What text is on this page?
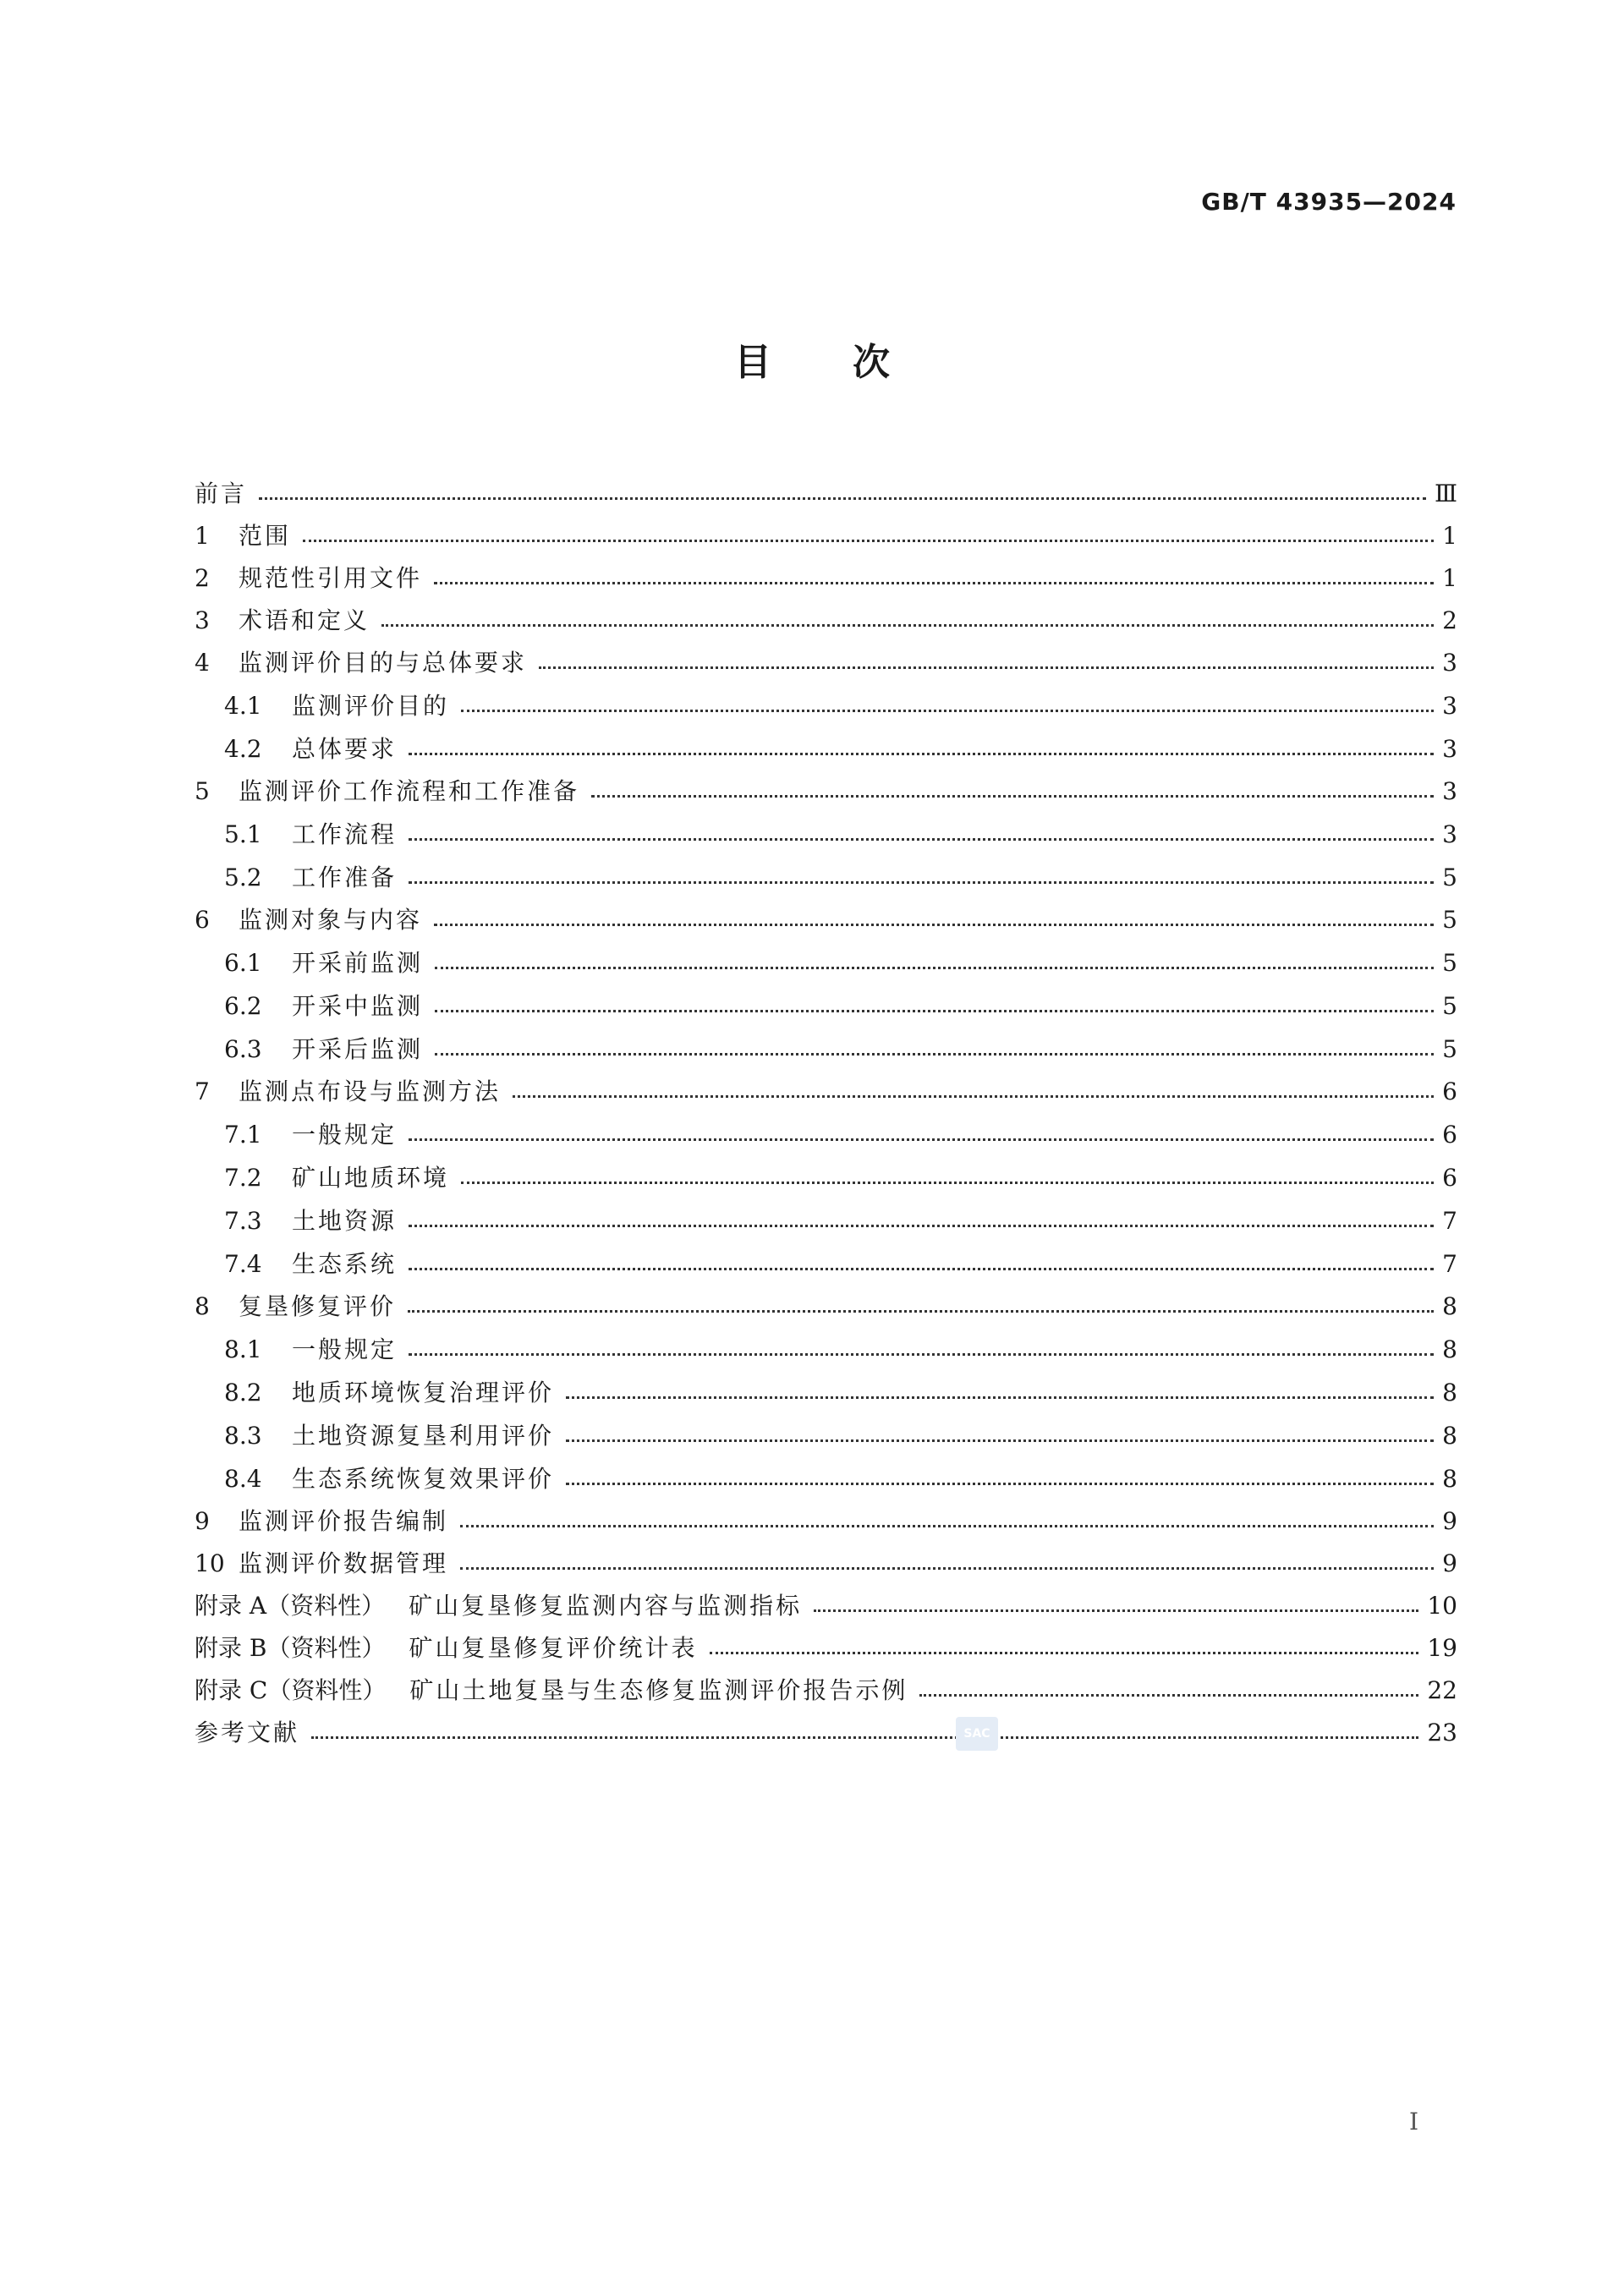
GB/T 43935—2024

目 次
前言	Ⅲ
1	范围	1
2	规范性引用文件	1
3	术语和定义	2
4	监测评价目的与总体要求	3
4.1	监测评价目的	3
4.2	总体要求	3
5	监测评价工作流程和工作准备	3
5.1	工作流程	3
5.2	工作准备	5
6	监测对象与内容	5
6.1	开采前监测	5
6.2	开采中监测	5
6.3	开采后监测	5
7	监测点布设与监测方法	6
7.1	一般规定	6
7.2	矿山地质环境	6
7.3	土地资源	7
7.4	生态系统	7
8	复垦修复评价	8
8.1	一般规定	8
8.2	地质环境恢复治理评价	8
8.3	土地资源复垦利用评价	8
8.4	生态系统恢复效果评价	8
9	监测评价报告编制	9
10 监测评价数据管理	9
附录 A（资料性） 矿山复垦修复监测内容与监测指标	10
附录 B（资料性） 矿山复垦修复评价统计表	19
附录 C（资料性） 矿山土地复垦与生态修复监测评价报告示例	22
参考文献	23
SAC

I
